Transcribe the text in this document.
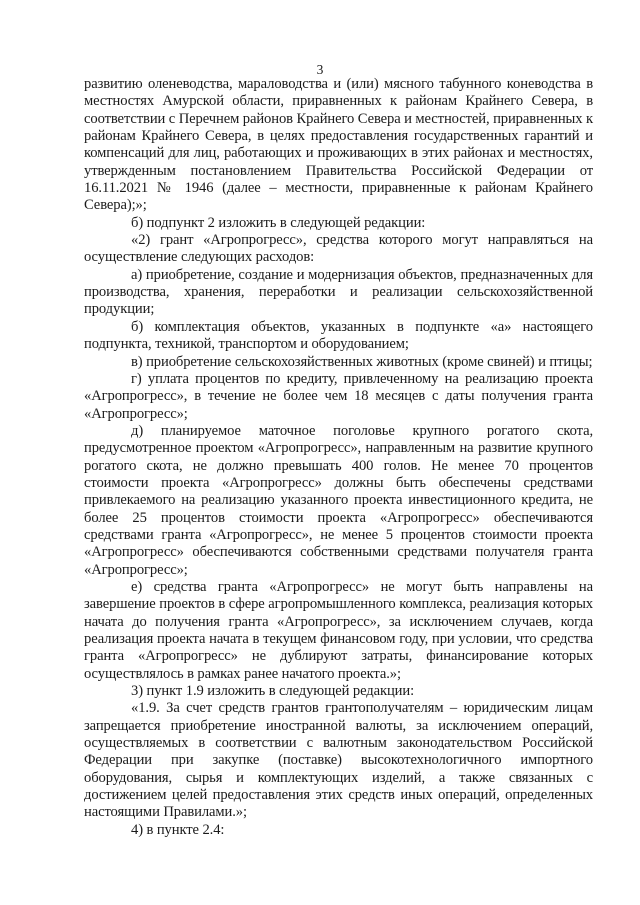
3

развитию оленеводства, мараловодства и (или) мясного табунного коневодства в местностях Амурской области, приравненных к районам Крайнего Севера, в соответствии с Перечнем районов Крайнего Севера и местностей, приравненных к районам Крайнего Севера, в целях предоставления государственных гарантий и компенсаций для лиц, работающих и проживающих в этих районах и местностях, утвержденным постановлением Правительства Российской Федерации от 16.11.2021 № 1946 (далее – местности, приравненные к районам Крайнего Севера);»;

б) подпункт 2 изложить в следующей редакции:

«2) грант «Агропрогресс», средства которого могут направляться на осуществление следующих расходов:

а) приобретение, создание и модернизация объектов, предназначенных для производства, хранения, переработки и реализации сельскохозяйственной продукции;

б) комплектация объектов, указанных в подпункте «а» настоящего подпункта, техникой, транспортом и оборудованием;

в) приобретение сельскохозяйственных животных (кроме свиней) и птицы;

г) уплата процентов по кредиту, привлеченному на реализацию проекта «Агропрогресс», в течение не более чем 18 месяцев с даты получения гранта «Агропрогресс»;

д) планируемое маточное поголовье крупного рогатого скота, предусмотренное проектом «Агропрогресс», направленным на развитие крупного рогатого скота, не должно превышать 400 голов. Не менее 70 процентов стоимости проекта «Агропрогресс» должны быть обеспечены средствами привлекаемого на реализацию указанного проекта инвестиционного кредита, не более 25 процентов стоимости проекта «Агропрогресс» обеспечиваются средствами гранта «Агропрогресс», не менее 5 процентов стоимости проекта «Агропрогресс» обеспечиваются собственными средствами получателя гранта «Агропрогресс»;

е) средства гранта «Агропрогресс» не могут быть направлены на завершение проектов в сфере агропромышленного комплекса, реализация которых начата до получения гранта «Агропрогресс», за исключением случаев, когда реализация проекта начата в текущем финансовом году, при условии, что средства гранта «Агропрогресс» не дублируют затраты, финансирование которых осуществлялось в рамках ранее начатого проекта.»;

3) пункт 1.9 изложить в следующей редакции:

«1.9. За счет средств грантов грантополучателям – юридическим лицам запрещается приобретение иностранной валюты, за исключением операций, осуществляемых в соответствии с валютным законодательством Российской Федерации при закупке (поставке) высокотехнологичного импортного оборудования, сырья и комплектующих изделий, а также связанных с достижением целей предоставления этих средств иных операций, определенных настоящими Правилами.»;

4) в пункте 2.4:
